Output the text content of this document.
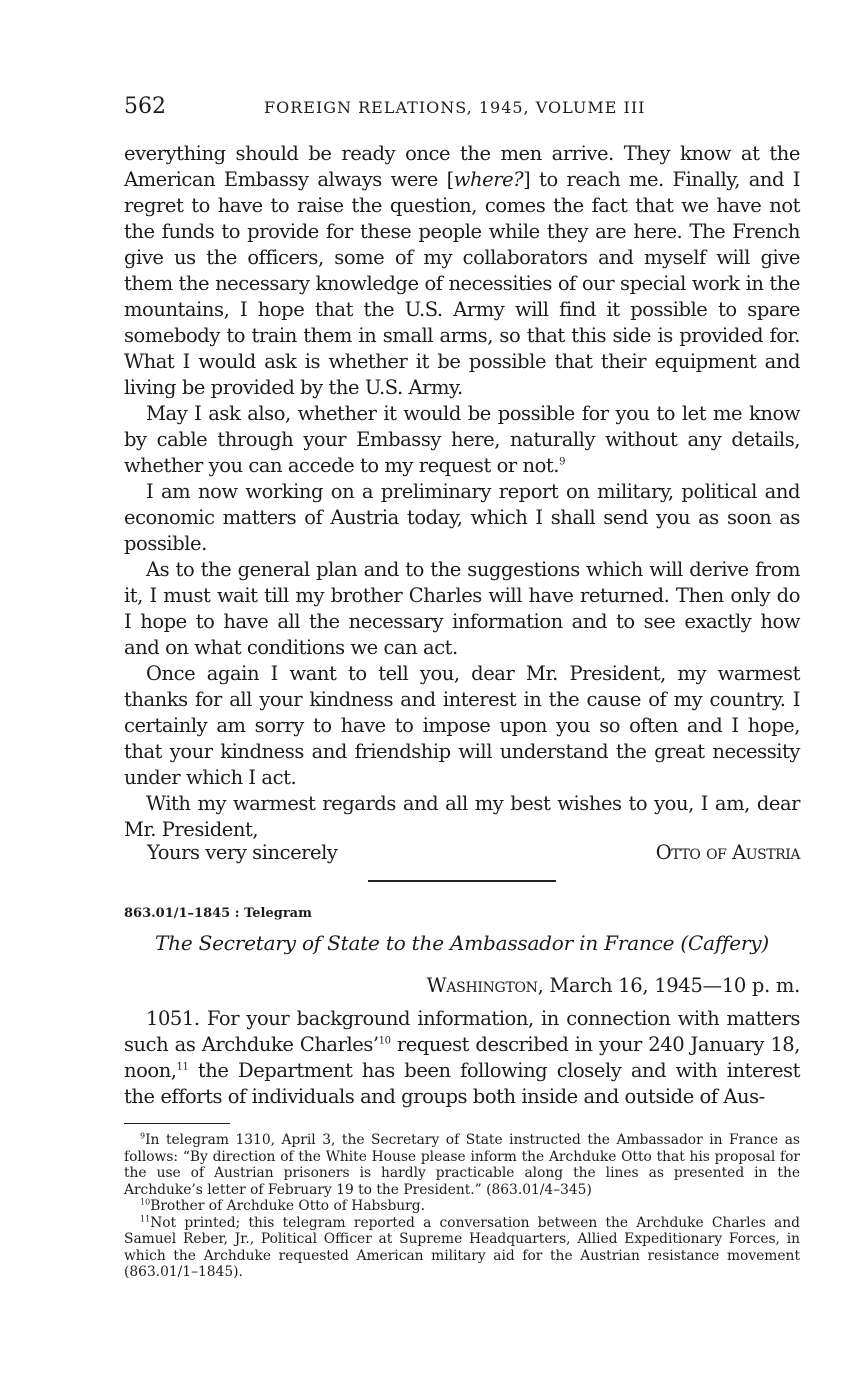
562	FOREIGN RELATIONS, 1945, VOLUME III

everything should be ready once the men arrive. They know at the American Embassy always were [where?] to reach me. Finally, and I regret to have to raise the question, comes the fact that we have not the funds to provide for these people while they are here. The French give us the officers, some of my collaborators and myself will give them the necessary knowledge of necessities of our special work in the mountains, I hope that the U.S. Army will find it possible to spare somebody to train them in small arms, so that this side is provided for. What I would ask is whether it be possible that their equipment and living be provided by the U.S. Army.

May I ask also, whether it would be possible for you to let me know by cable through your Embassy here, naturally without any details, whether you can accede to my request or not.$^9$

I am now working on a preliminary report on military, political and economic matters of Austria today, which I shall send you as soon as possible.

As to the general plan and to the suggestions which will derive from it, I must wait till my brother Charles will have returned. Then only do I hope to have all the necessary information and to see exactly how and on what conditions we can act.

Once again I want to tell you, dear Mr. President, my warmest thanks for all your kindness and interest in the cause of my country. I certainly am sorry to have to impose upon you so often and I hope, that your kindness and friendship will understand the great necessity under which I act.

With my warmest regards and all my best wishes to you, I am, dear Mr. President,

Yours very sincerely	Otto of Austria
863.01/1–1845 : Telegram
The Secretary of State to the Ambassador in France (Caffery)
Washington, March 16, 1945—10 p. m.

1051. For your background information, in connection with matters such as Archduke Charles’$^{10}$ request described in your 240 January 18, noon,$^{11}$ the Department has been following closely and with interest the efforts of individuals and groups both inside and outside of Aus-

$^9$In telegram 1310, April 3, the Secretary of State instructed the Ambassador in France as follows: “By direction of the White House please inform the Archduke Otto that his proposal for the use of Austrian prisoners is hardly practicable along the lines as presented in the Archduke’s letter of February 19 to the President.” (863.01/4–345)

$^{10}$Brother of Archduke Otto of Habsburg.

$^{11}$Not printed; this telegram reported a conversation between the Archduke Charles and Samuel Reber, Jr., Political Officer at Supreme Headquarters, Allied Expeditionary Forces, in which the Archduke requested American military aid for the Austrian resistance movement (863.01/1–1845).
